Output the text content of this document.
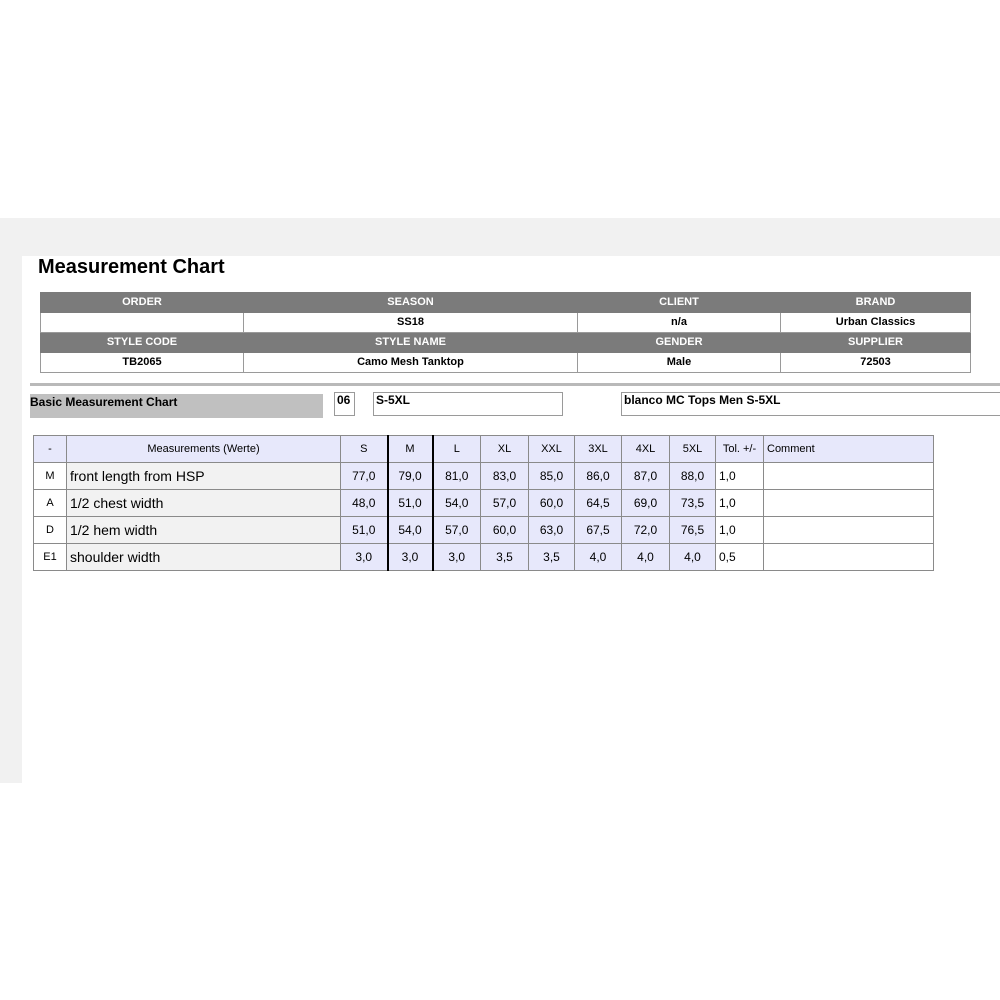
Measurement Chart
ORDER	SEASON	CLIENT	BRAND
	SS18	n/a	Urban Classics
STYLE CODE	STYLE NAME	GENDER	SUPPLIER
TB2065	Camo Mesh Tanktop	Male	72503
Basic Measurement Chart	06	S-5XL	blanco MC Tops Men S-5XL
-	Measurements (Werte)	S	M	L	XL	XXL	3XL	4XL	5XL	Tol. +/-	Comment
M	front length from HSP	77,0	79,0	81,0	83,0	85,0	86,0	87,0	88,0	1,0	
A	1/2 chest width	48,0	51,0	54,0	57,0	60,0	64,5	69,0	73,5	1,0	
D	1/2 hem width	51,0	54,0	57,0	60,0	63,0	67,5	72,0	76,5	1,0	
E1	shoulder width	3,0	3,0	3,0	3,5	3,5	4,0	4,0	4,0	0,5	
